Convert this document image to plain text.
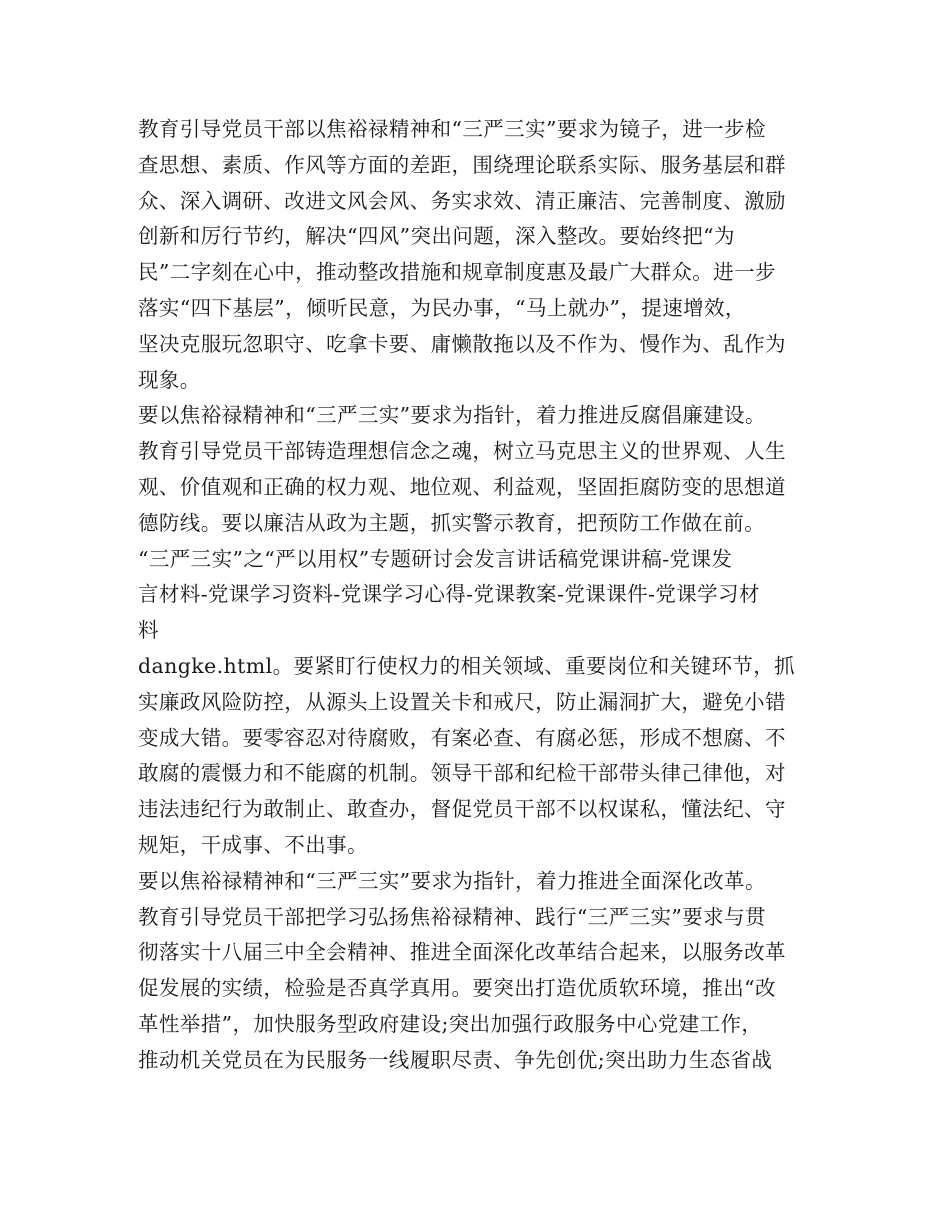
教育引导党员干部以焦裕禄精神和“三严三实”要求为镜子，进一步检
查思想、素质、作风等方面的差距，围绕理论联系实际、服务基层和群
众、深入调研、改进文风会风、务实求效、清正廉洁、完善制度、激励
创新和厉行节约，解决“四风”突出问题，深入整改。要始终把“为
民”二字刻在心中，推动整改措施和规章制度惠及最广大群众。进一步
落实“四下基层”，倾听民意，为民办事，“马上就办”，提速增效，
坚决克服玩忽职守、吃拿卡要、庸懒散拖以及不作为、慢作为、乱作为
现象。
要以焦裕禄精神和“三严三实”要求为指针，着力推进反腐倡廉建设。
教育引导党员干部铸造理想信念之魂，树立马克思主义的世界观、人生
观、价值观和正确的权力观、地位观、利益观，坚固拒腐防变的思想道
德防线。要以廉洁从政为主题，抓实警示教育，把预防工作做在前。
“三严三实”之“严以用权”专题研讨会发言讲话稿党课讲稿-党课发
言材料-党课学习资料-党课学习心得-党课教案-党课课件-党课学习材
料
dangke.html。要紧盯行使权力的相关领域、重要岗位和关键环节，抓
实廉政风险防控，从源头上设置关卡和戒尺，防止漏洞扩大，避免小错
变成大错。要零容忍对待腐败，有案必查、有腐必惩，形成不想腐、不
敢腐的震慑力和不能腐的机制。领导干部和纪检干部带头律己律他，对
违法违纪行为敢制止、敢查办，督促党员干部不以权谋私，懂法纪、守
规矩，干成事、不出事。
要以焦裕禄精神和“三严三实”要求为指针，着力推进全面深化改革。
教育引导党员干部把学习弘扬焦裕禄精神、践行“三严三实”要求与贯
彻落实十八届三中全会精神、推进全面深化改革结合起来，以服务改革
促发展的实绩，检验是否真学真用。要突出打造优质软环境，推出“改
革性举措”，加快服务型政府建设;突出加强行政服务中心党建工作，
推动机关党员在为民服务一线履职尽责、争先创优;突出助力生态省战
